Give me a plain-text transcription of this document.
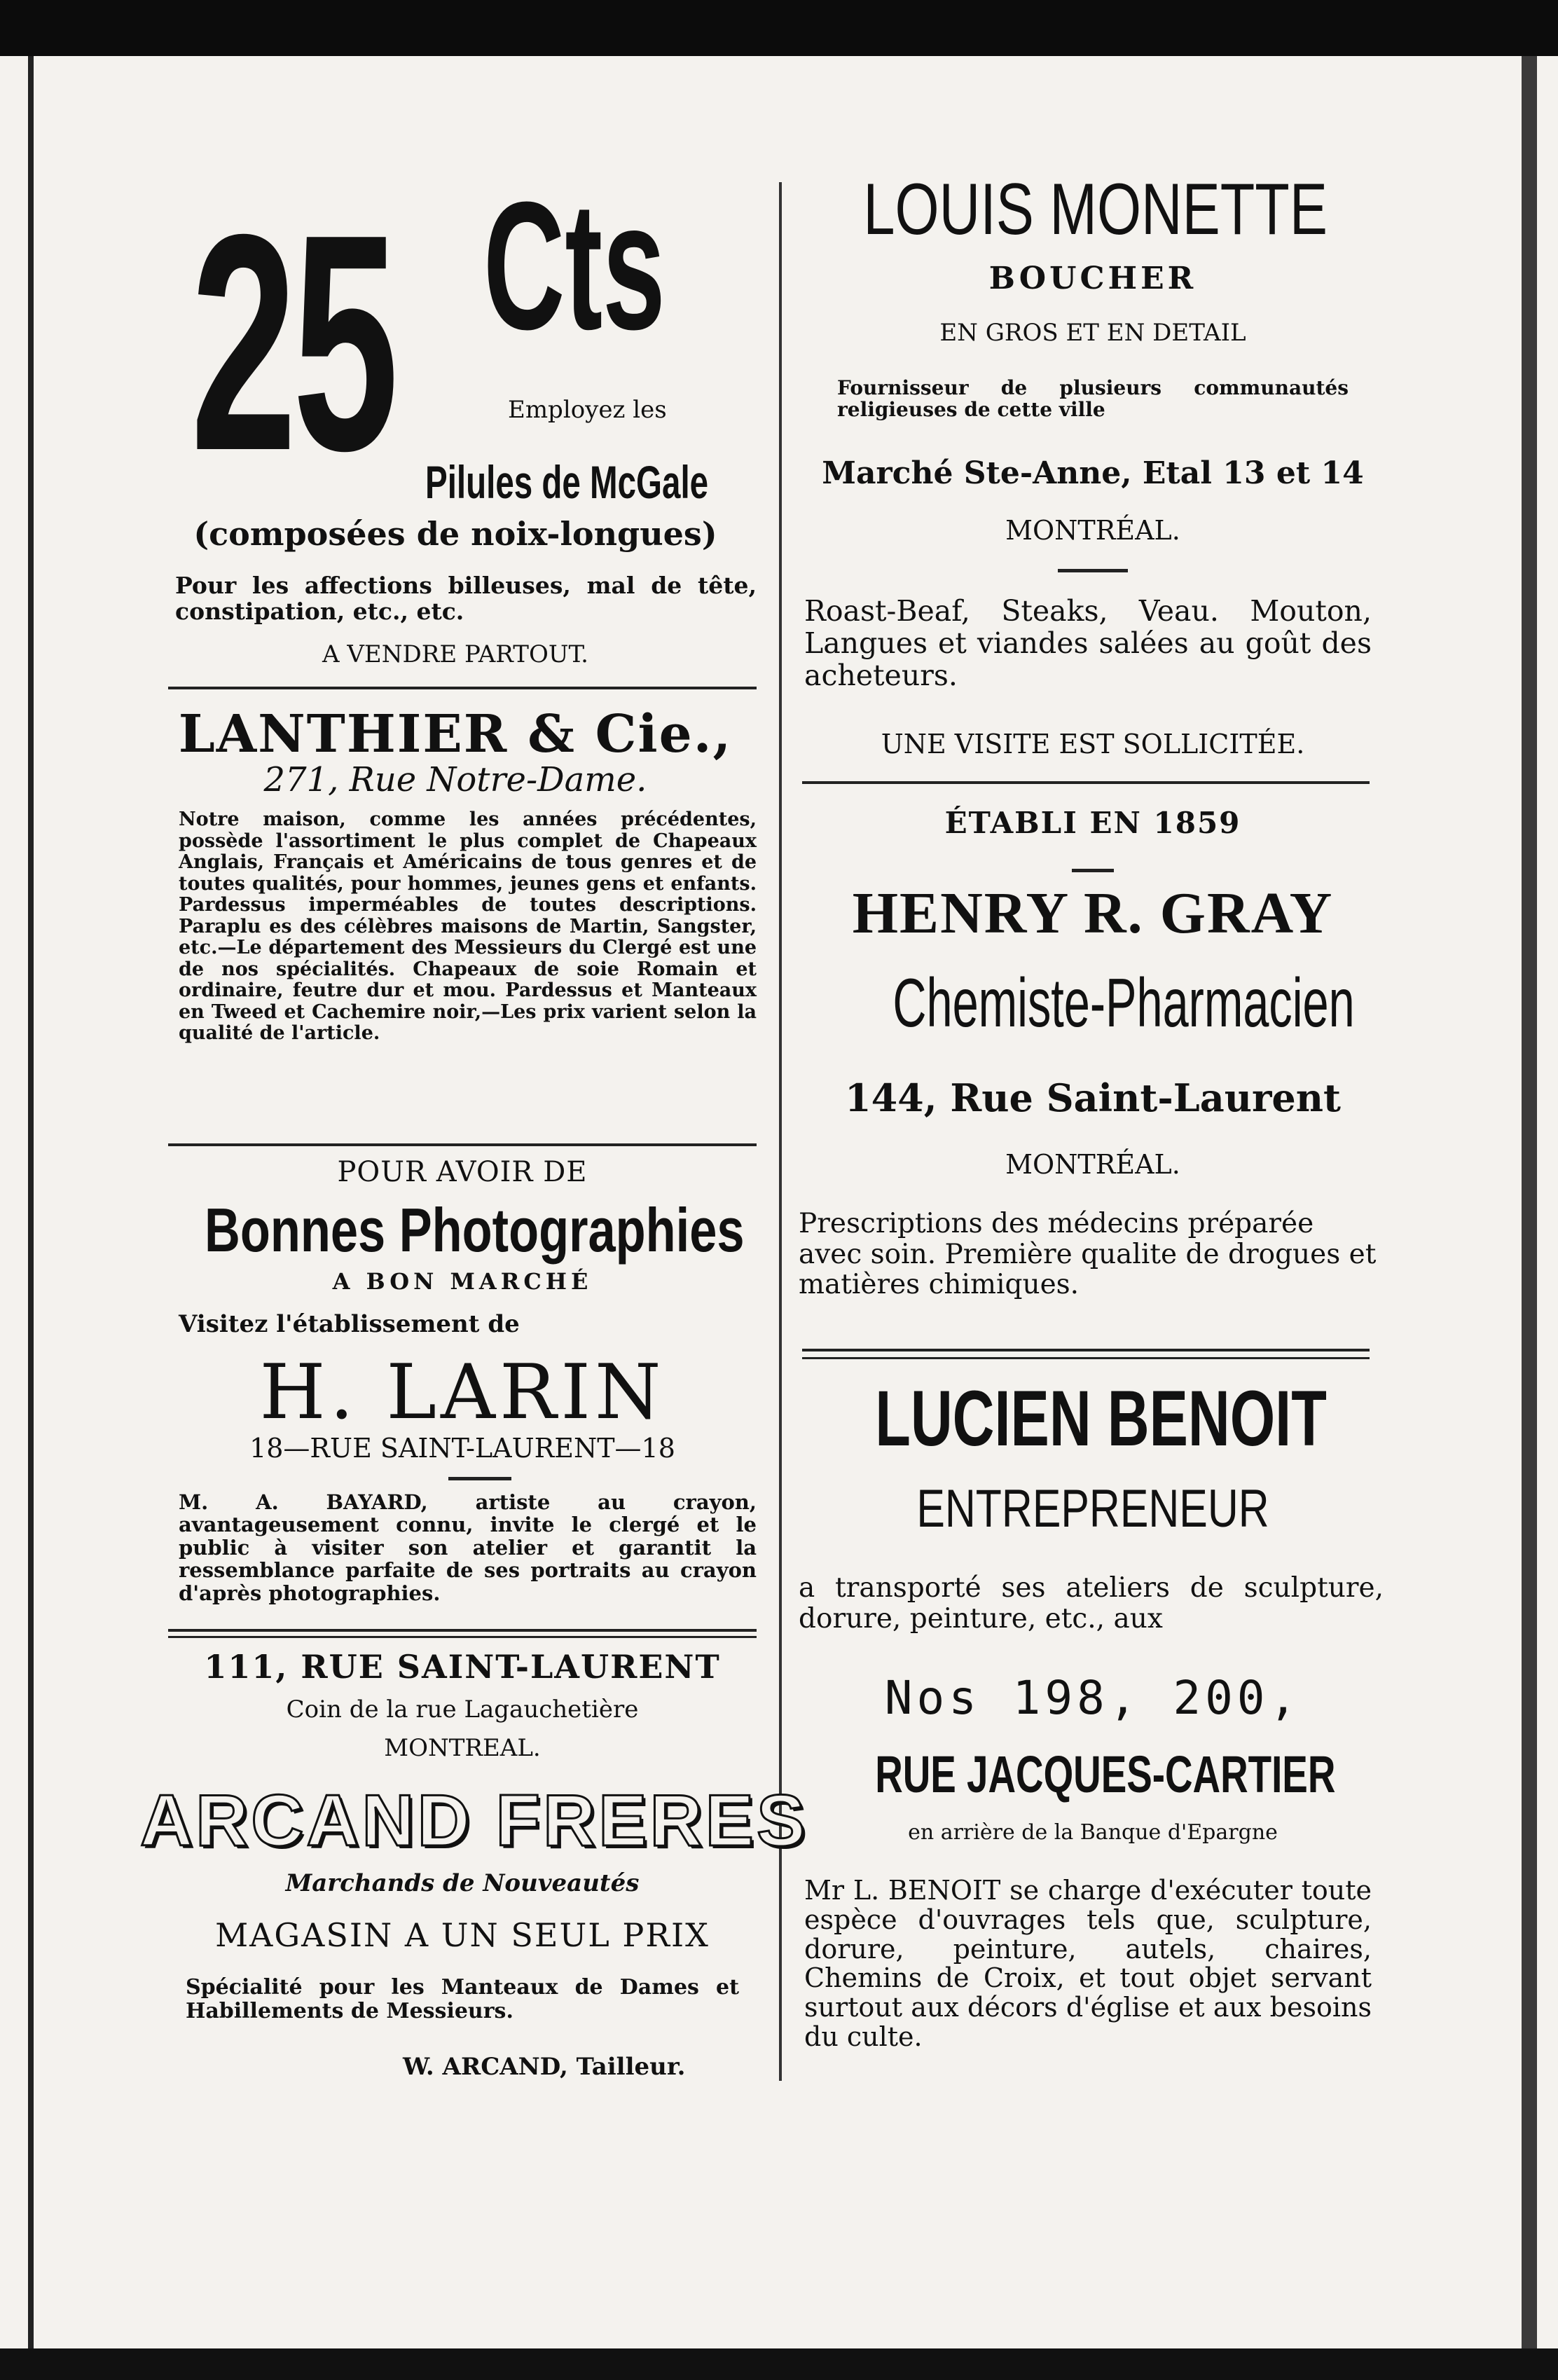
25 Cts
Employez les
Pilules de McGale
(composées de noix-longues)
Pour les affections billeuses, mal de tête, constipation, etc., etc.
A VENDRE PARTOUT.
LANTHIER & Cie.,
271, Rue Notre-Dame.
Notre maison, comme les années précédentes, possède l'assortiment le plus complet de Chapeaux Anglais, Français et Américains de tous genres et de toutes qualités, pour hommes, jeunes gens et enfants. Pardessus imperméables de toutes descriptions. Paraplu es des célèbres maisons de Martin, Sangster, etc.—Le département des Messieurs du Clergé est une de nos spécialités. Chapeaux de soie Romain et ordinaire, feutre dur et mou. Pardessus et Manteaux en Tweed et Cachemire noir,—Les prix varient selon la qualité de l'article.
POUR AVOIR DE
Bonnes Photographies
A BON MARCHÉ
Visitez l'établissement de
H. LARIN
18—RUE SAINT-LAURENT—18
M. A. BAYARD, artiste au crayon, avantageusement connu, invite le clergé et le public à visiter son atelier et garantit la ressemblance parfaite de ses portraits au crayon d'après photographies.
111, RUE SAINT-LAURENT
Coin de la rue Lagauchetière
MONTREAL.
ARCAND FRERES
Marchands de Nouveautés
MAGASIN A UN SEUL PRIX
Spécialité pour les Manteaux de Dames et Habillements de Messieurs.
W. ARCAND, Tailleur.
LOUIS MONETTE
BOUCHER
EN GROS ET EN DETAIL
Fournisseur de plusieurs communautés religieuses de cette ville
Marché Ste-Anne, Etal 13 et 14
MONTRÉAL.
Roast-Beaf, Steaks, Veau. Mouton, Langues et viandes salées au goût des acheteurs.
UNE VISITE EST SOLLICITÉE.
ÉTABLI EN 1859
HENRY R. GRAY
Chemiste-Pharmacien
144, Rue Saint-Laurent
MONTRÉAL.
Prescriptions des médecins préparée avec soin. Première qualite de drogues et matières chimiques.
LUCIEN BENOIT
ENTREPRENEUR
a transporté ses ateliers de sculpture, dorure, peinture, etc., aux
Nos 198, 200,
RUE JACQUES-CARTIER
en arrière de la Banque d'Epargne
Mr L. BENOIT se charge d'exécuter toute espèce d'ouvrages tels que, sculpture, dorure, peinture, autels, chaires, Chemins de Croix, et tout objet servant surtout aux décors d'église et aux besoins du culte.
